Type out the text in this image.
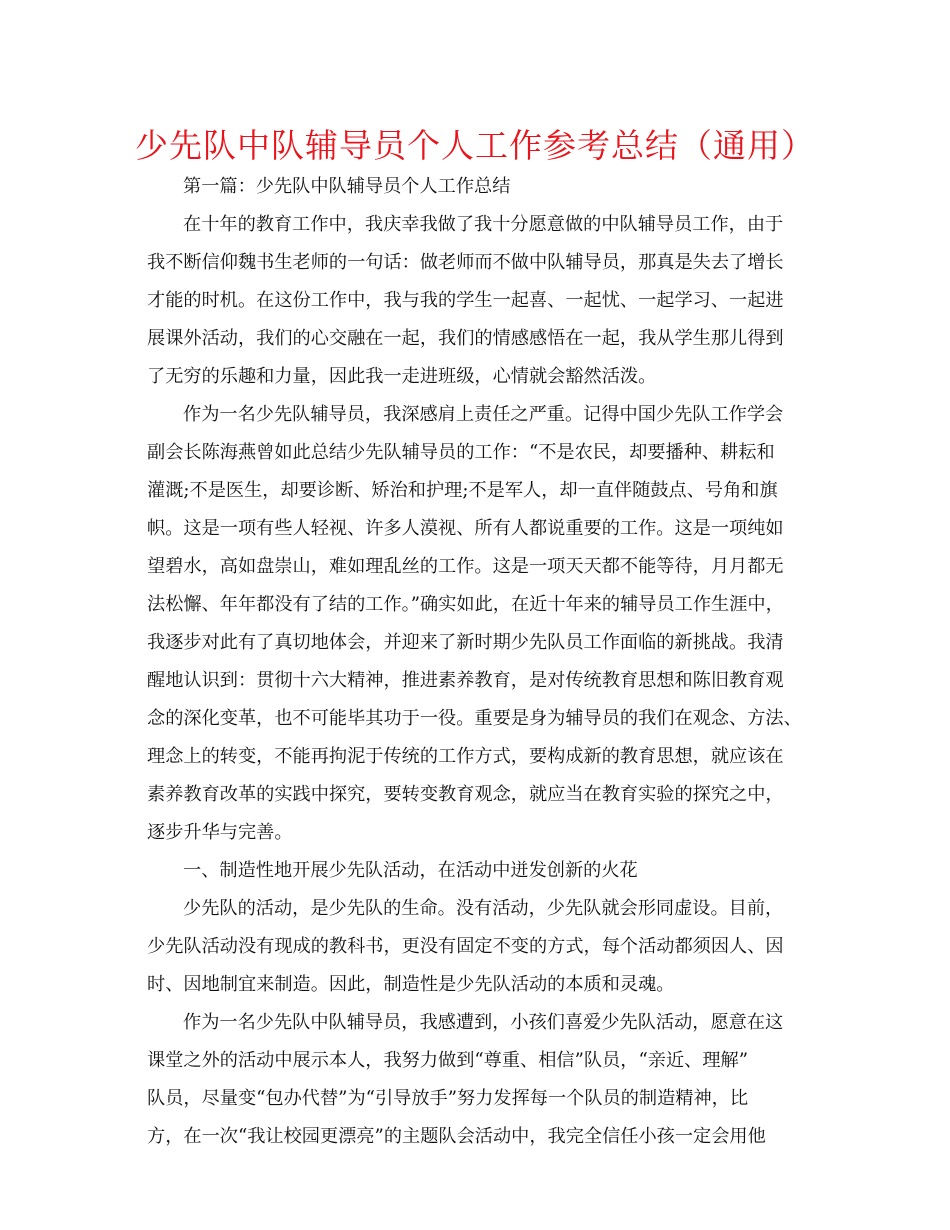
少先队中队辅导员个人工作参考总结（通用）

第一篇：少先队中队辅导员个人工作总结

在十年的教育工作中，我庆幸我做了我十分愿意做的中队辅导员工作，由于

我不断信仰魏书生老师的一句话：做老师而不做中队辅导员，那真是失去了增长

才能的时机。在这份工作中，我与我的学生一起喜、一起忧、一起学习、一起进

展课外活动，我们的心交融在一起，我们的情感感悟在一起，我从学生那儿得到

了无穷的乐趣和力量，因此我一走进班级，心情就会豁然活泼。

作为一名少先队辅导员，我深感肩上责任之严重。记得中国少先队工作学会

副会长陈海燕曾如此总结少先队辅导员的工作：“不是农民，却要播种、耕耘和

灌溉;不是医生，却要诊断、矫治和护理;不是军人，却一直伴随鼓点、号角和旗

帜。这是一项有些人轻视、许多人漠视、所有人都说重要的工作。这是一项纯如

望碧水，高如盘崇山，难如理乱丝的工作。这是一项天天都不能等待，月月都无

法松懈、年年都没有了结的工作。”确实如此，在近十年来的辅导员工作生涯中，

我逐步对此有了真切地体会，并迎来了新时期少先队员工作面临的新挑战。我清

醒地认识到：贯彻十六大精神，推进素养教育，是对传统教育思想和陈旧教育观

念的深化变革，也不可能毕其功于一役。重要是身为辅导员的我们在观念、方法、

理念上的转变，不能再拘泥于传统的工作方式，要构成新的教育思想，就应该在

素养教育改革的实践中探究，要转变教育观念，就应当在教育实验的探究之中，

逐步升华与完善。

一、制造性地开展少先队活动，在活动中迸发创新的火花

少先队的活动，是少先队的生命。没有活动，少先队就会形同虚设。目前，

少先队活动没有现成的教科书，更没有固定不变的方式，每个活动都须因人、因

时、因地制宜来制造。因此，制造性是少先队活动的本质和灵魂。

作为一名少先队中队辅导员，我感遭到，小孩们喜爱少先队活动，愿意在这

课堂之外的活动中展示本人，我努力做到“尊重、相信”队员，“亲近、理解”

队员，尽量变“包办代替”为“引导放手”努力发挥每一个队员的制造精神，比

方，在一次“我让校园更漂亮”的主题队会活动中，我完全信任小孩一定会用他
